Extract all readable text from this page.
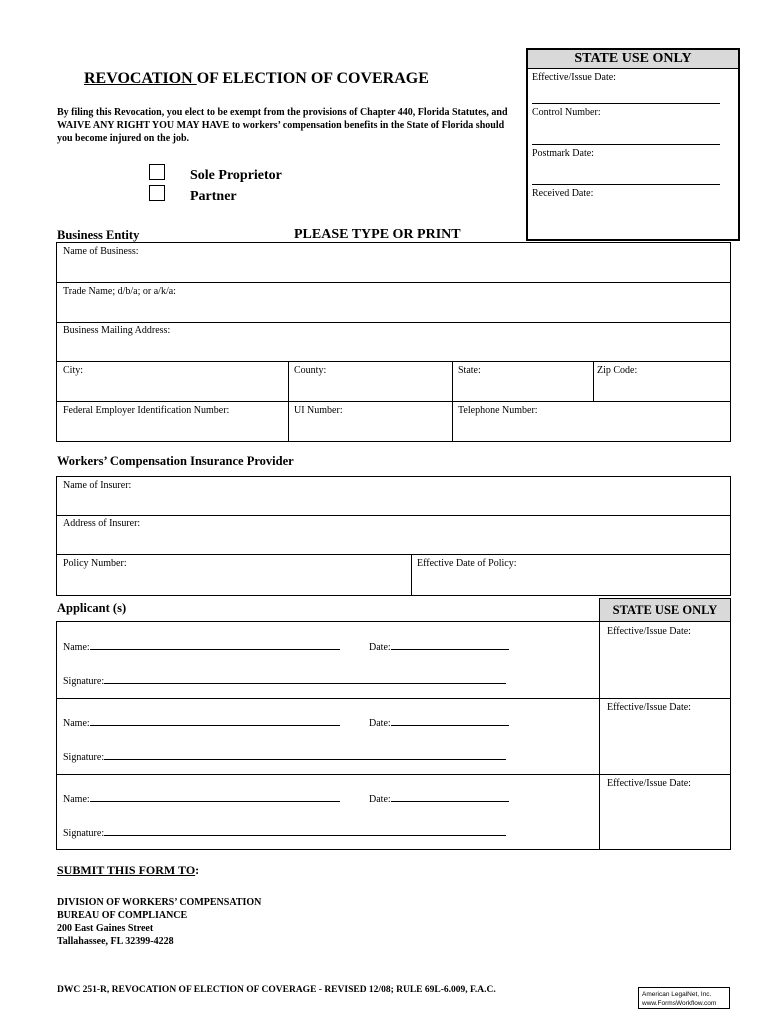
STATE USE ONLY
Effective/Issue Date:
Control Number:
Postmark Date:
Received Date:
REVOCATION OF ELECTION OF COVERAGE
By filing this Revocation, you elect to be exempt from the provisions of Chapter 440, Florida Statutes, and WAIVE ANY RIGHT YOU MAY HAVE to workers’ compensation benefits in the State of Florida should you become injured on the job.
Sole Proprietor
Partner
Business Entity	PLEASE TYPE OR PRINT
Name of Business:
Trade Name; d/b/a; or a/k/a:
Business Mailing Address:
City:	County:	State:	Zip Code:
Federal Employer Identification Number:	UI Number:	Telephone Number:
Workers’ Compensation Insurance Provider
Name of Insurer:
Address of Insurer:
Policy Number:	Effective Date of Policy:
Applicant (s)	STATE USE ONLY
Name:	Date:
Signature:
Effective/Issue Date:
Name:	Date:
Signature:
Effective/Issue Date:
Name:	Date:
Signature:
Effective/Issue Date:
SUBMIT THIS FORM TO:
DIVISION OF WORKERS’ COMPENSATION
BUREAU OF COMPLIANCE
200 East Gaines Street
Tallahassee, FL 32399-4228
DWC 251-R, REVOCATION OF ELECTION OF COVERAGE - REVISED 12/08; RULE 69L-6.009, F.A.C.	American LegalNet, Inc.
www.FormsWorkflow.com
